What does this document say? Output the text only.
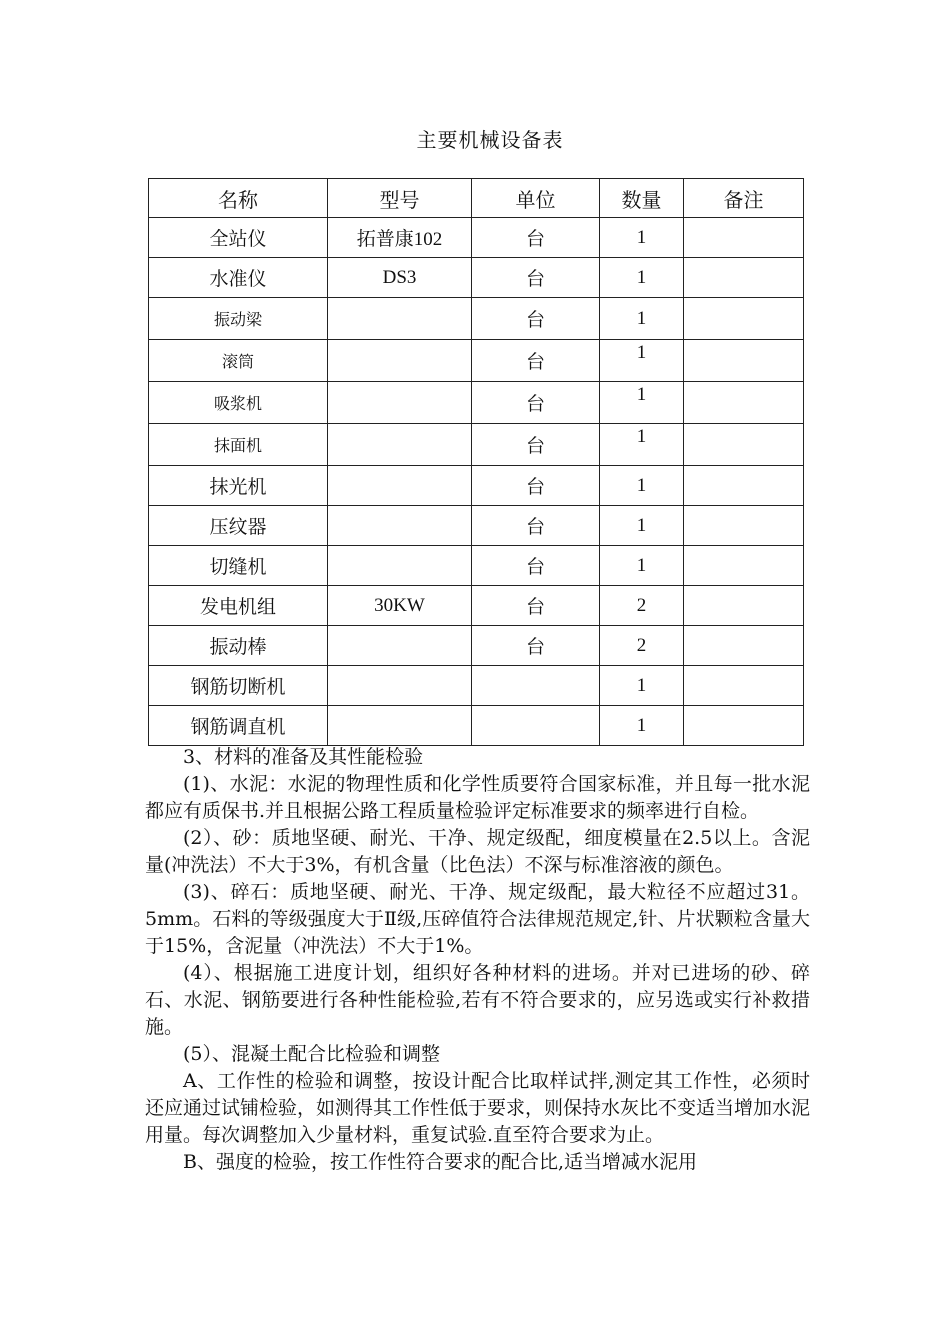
主要机械设备表
名称	型号	单位	数量	备注
全站仪	拓普康102	台	1	
水准仪	DS3	台	1	
振动梁		台	1	
滚筒		台	1	
吸浆机		台	1	
抹面机		台	1	
抹光机		台	1	
压纹器		台	1	
切缝机		台	1	
发电机组	30KW	台	2	
振动棒		台	2	
钢筋切断机			1	
钢筋调直机			1	

3、材料的准备及其性能检验

(1)、水泥：水泥的物理性质和化学性质要符合国家标准，并且每一批水泥都应有质保书.并且根据公路工程质量检验评定标准要求的频率进行自检。

(2）、砂：质地坚硬、耐光、干净、规定级配，细度模量在2.5以上。含泥量(冲洗法）不大于3%，有机含量（比色法）不深与标准溶液的颜色。

(3)、碎石：质地坚硬、耐光、干净、规定级配，最大粒径不应超过31。5mm。石料的等级强度大于Ⅱ级,压碎值符合法律规范规定,针、片状颗粒含量大于15%，含泥量（冲洗法）不大于1%。

(4）、根据施工进度计划，组织好各种材料的进场。并对已进场的砂、碎石、水泥、钢筋要进行各种性能检验,若有不符合要求的，应另选或实行补救措施。

(5）、混凝土配合比检验和调整

A、工作性的检验和调整，按设计配合比取样试拌,测定其工作性，必须时还应通过试铺检验，如测得其工作性低于要求，则保持水灰比不变适当增加水泥用量。每次调整加入少量材料，重复试验.直至符合要求为止。

B、强度的检验，按工作性符合要求的配合比,适当增减水泥用
